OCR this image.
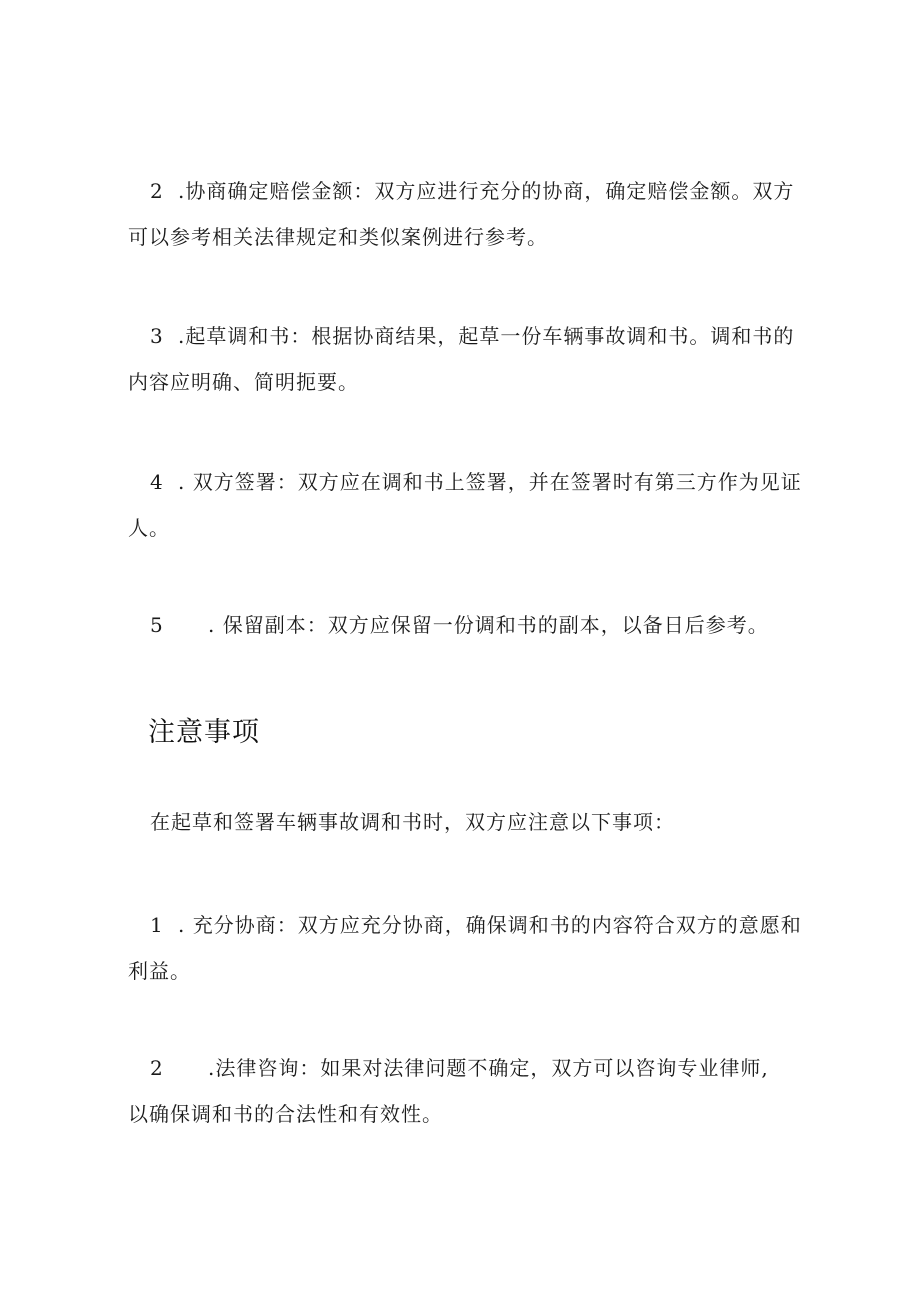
2 .协商确定赔偿金额：双方应进行充分的协商，确定赔偿金额。双方

可以参考相关法律规定和类似案例进行参考。

3 .起草调和书：根据协商结果，起草一份车辆事故调和书。调和书的

内容应明确、简明扼要。

4 . 双方签署：双方应在调和书上签署，并在签署时有第三方作为见证

人。

5 . 保留副本：双方应保留一份调和书的副本，以备日后参考。

注意事项
在起草和签署车辆事故调和书时，双方应注意以下事项：

1 . 充分协商：双方应充分协商，确保调和书的内容符合双方的意愿和

利益。

2 .法律咨询：如果对法律问题不确定，双方可以咨询专业律师,

以确保调和书的合法性和有效性。
